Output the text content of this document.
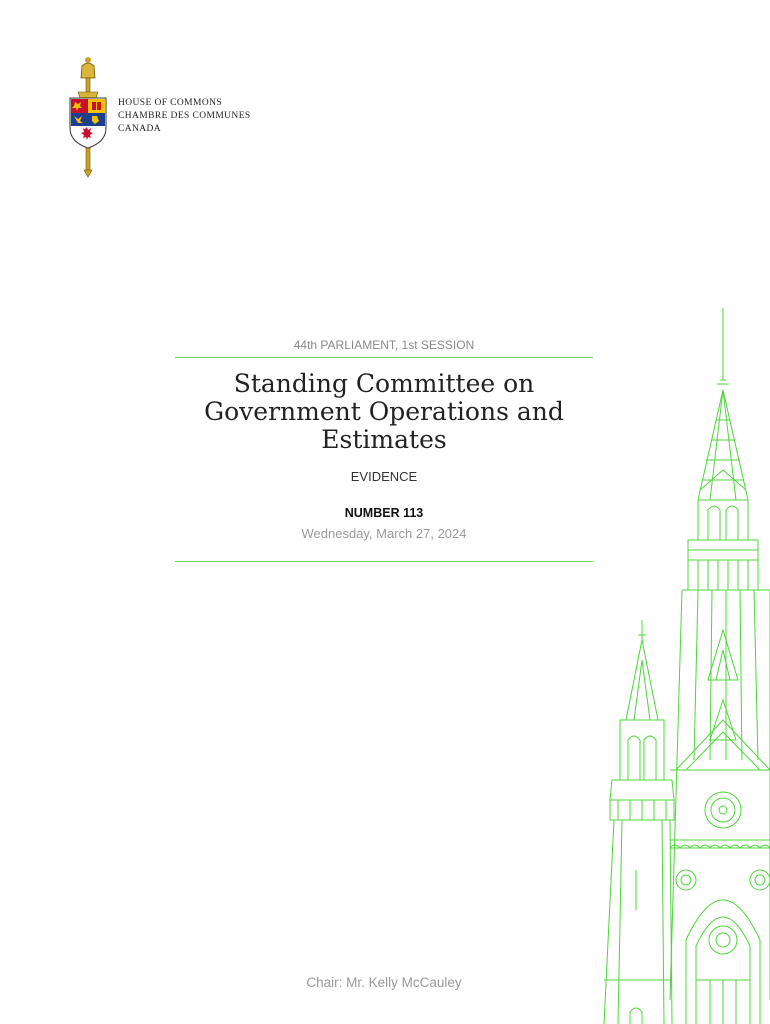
HOUSE OF COMMONS
CHAMBRE DES COMMUNES
CANADA
44th PARLIAMENT, 1st SESSION
Standing Committee on
Government Operations and
Estimates
EVIDENCE
NUMBER 113
Wednesday, March 27, 2024
Chair: Mr. Kelly McCauley
